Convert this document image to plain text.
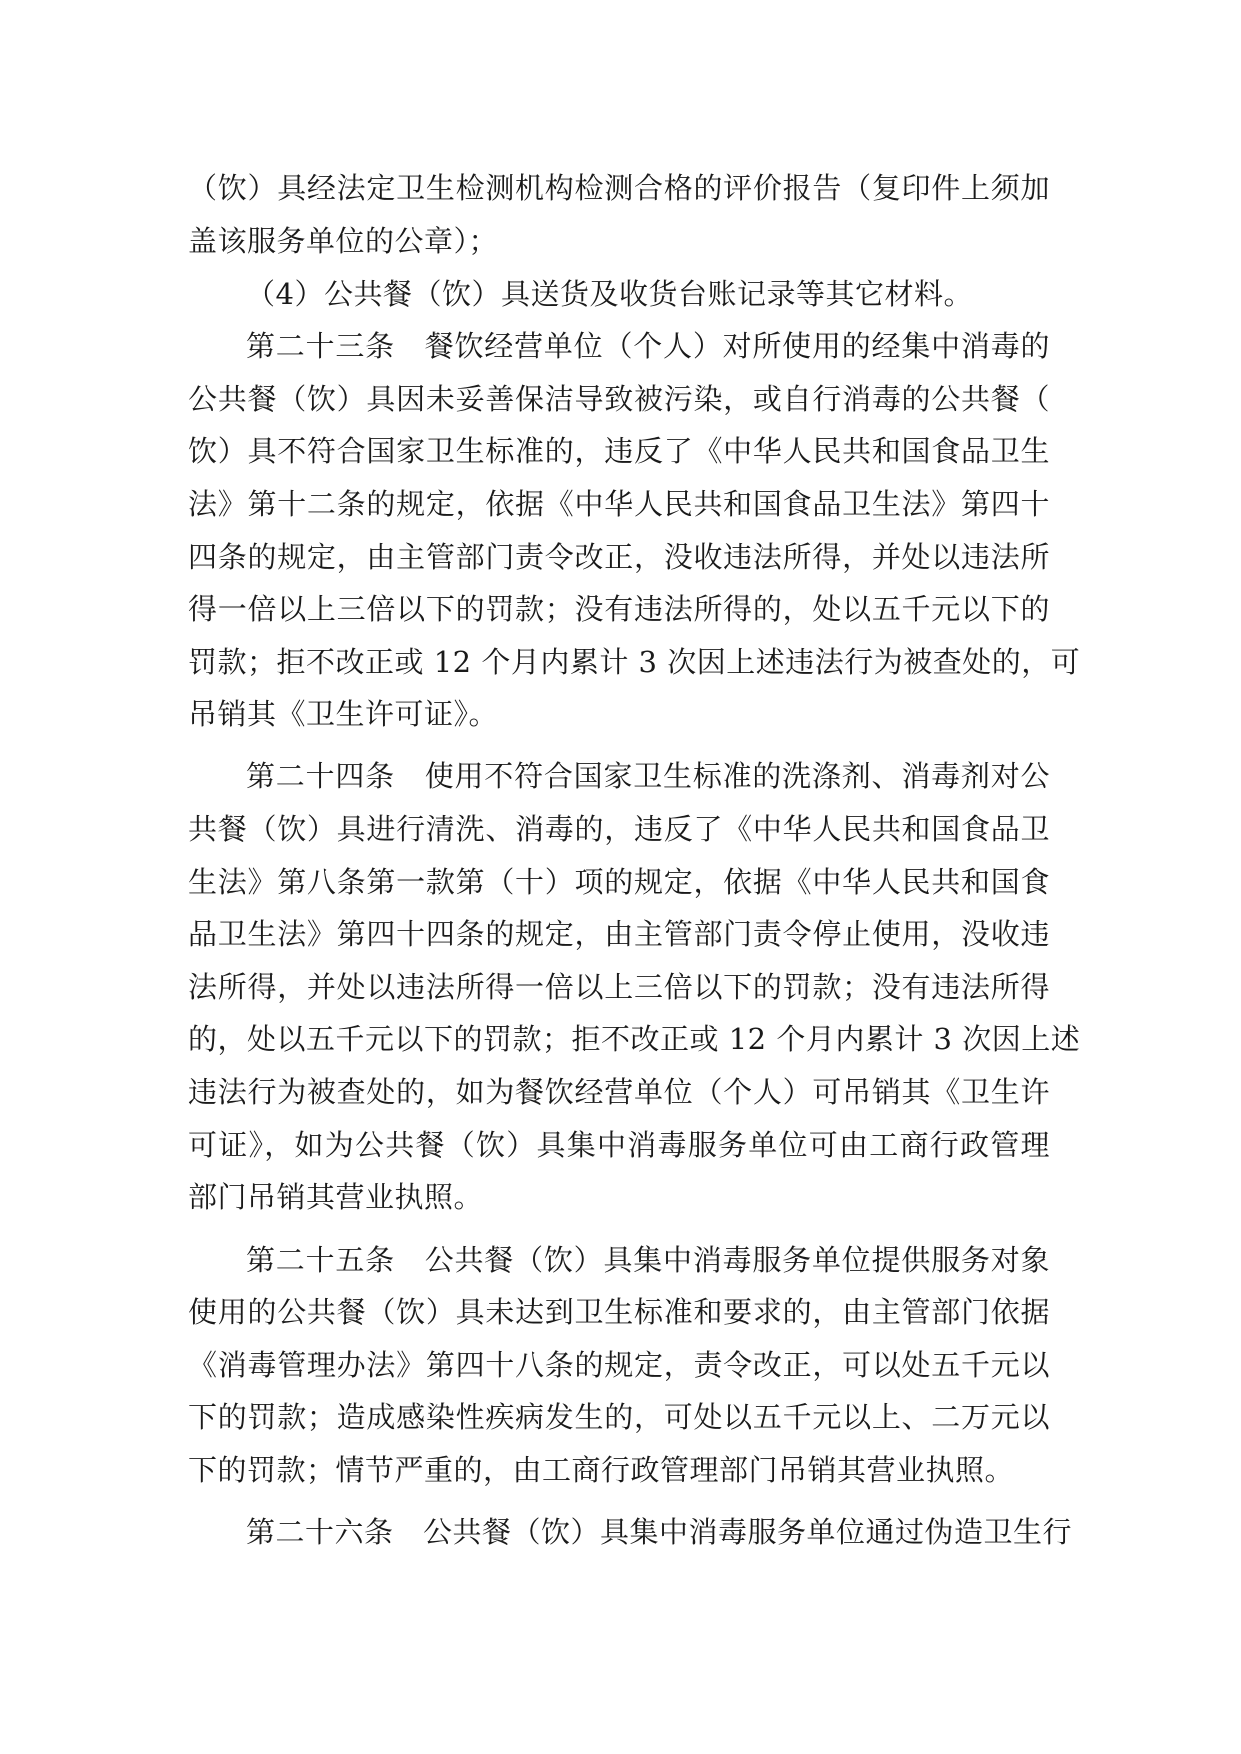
（饮）具经法定卫生检测机构检测合格的评价报告（复印件上须加
盖该服务单位的公章）；
（4）公共餐（饮）具送货及收货台账记录等其它材料。
第二十三条　餐饮经营单位（个人）对所使用的经集中消毒的
公共餐（饮）具因未妥善保洁导致被污染，或自行消毒的公共餐（
饮）具不符合国家卫生标准的，违反了《中华人民共和国食品卫生
法》第十二条的规定，依据《中华人民共和国食品卫生法》第四十
四条的规定，由主管部门责令改正，没收违法所得，并处以违法所
得一倍以上三倍以下的罚款；没有违法所得的，处以五千元以下的
罚款；拒不改正或 12 个月内累计 3 次因上述违法行为被查处的，可
吊销其《卫生许可证》。
第二十四条　使用不符合国家卫生标准的洗涤剂、消毒剂对公
共餐（饮）具进行清洗、消毒的，违反了《中华人民共和国食品卫
生法》第八条第一款第（十）项的规定，依据《中华人民共和国食
品卫生法》第四十四条的规定，由主管部门责令停止使用，没收违
法所得，并处以违法所得一倍以上三倍以下的罚款；没有违法所得
的，处以五千元以下的罚款；拒不改正或 12 个月内累计 3 次因上述
违法行为被查处的，如为餐饮经营单位（个人）可吊销其《卫生许
可证》，如为公共餐（饮）具集中消毒服务单位可由工商行政管理
部门吊销其营业执照。
第二十五条　公共餐（饮）具集中消毒服务单位提供服务对象
使用的公共餐（饮）具未达到卫生标准和要求的，由主管部门依据
《消毒管理办法》第四十八条的规定，责令改正，可以处五千元以
下的罚款；造成感染性疾病发生的，可处以五千元以上、二万元以
下的罚款；情节严重的，由工商行政管理部门吊销其营业执照。
第二十六条　公共餐（饮）具集中消毒服务单位通过伪造卫生行
